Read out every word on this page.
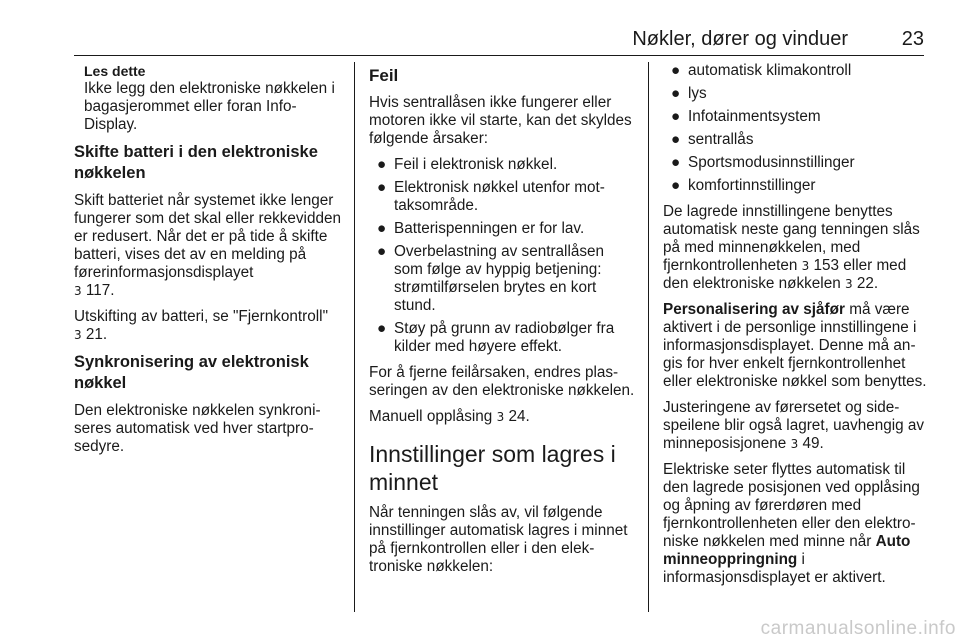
Nøkler, dører og vinduer	23
Les dette
Ikke legg den elektroniske nøkkelen i bagasjerommet eller foran Info-Display.
Skifte batteri i den elektroniske nøkkelen

Skift batteriet når systemet ikke lenger fungerer som det skal eller rekkevidden er redusert. Når det er på tide å skifte batteri, vises det av en melding på førerinformasjonsdisplayet
3 117.

Utskifting av batteri, se "Fjernkontroll"
3 21.

Synkronisering av elektronisk nøkkel

Den elektroniske nøkkelen synkroniseres automatisk ved hver startprosedyre.

Feil

Hvis sentrallåsen ikke fungerer eller motoren ikke vil starte, kan det skyldes følgende årsaker:

● Feil i elektronisk nøkkel.
● Elektronisk nøkkel utenfor mottaksområde.
● Batterispenningen er for lav.
● Overbelastning av sentrallåsen som følge av hyppig betjening: strømtilførselen brytes en kort stund.
● Støy på grunn av radiobølger fra kilder med høyere effekt.

For å fjerne feilårsaken, endres plasseringen av den elektroniske nøkkelen.

Manuell opplåsing 3 24.

Innstillinger som lagres i minnet

Når tenningen slås av, vil følgende innstillinger automatisk lagres i minnet på fjernkontrollen eller i den elektroniske nøkkelen:

● automatisk klimakontroll
● lys
● Infotainmentsystem
● sentrallås
● Sportsmodusinnstillinger
● komfortinnstillinger

De lagrede innstillingene benyttes automatisk neste gang tenningen slås på med minnenøkkelen, med fjernkontrollenheten 3 153 eller med den elektroniske nøkkelen 3 22.

Personalisering av sjåfør må være aktivert i de personlige innstillingene i informasjonsdisplayet. Denne må angis for hver enkelt fjernkontrollenhet eller elektroniske nøkkel som benyttes.

Justeringene av førersetet og sidespeilene blir også lagret, uavhengig av minneposisjonene 3 49.

Elektriske seter flyttes automatisk til den lagrede posisjonen ved opplåsing og åpning av førerdøren med fjernkontrollenheten eller den elektroniske nøkkelen med minne når Auto minneoppringning i informasjonsdisplayet er aktivert.

carmanualsonline.info
